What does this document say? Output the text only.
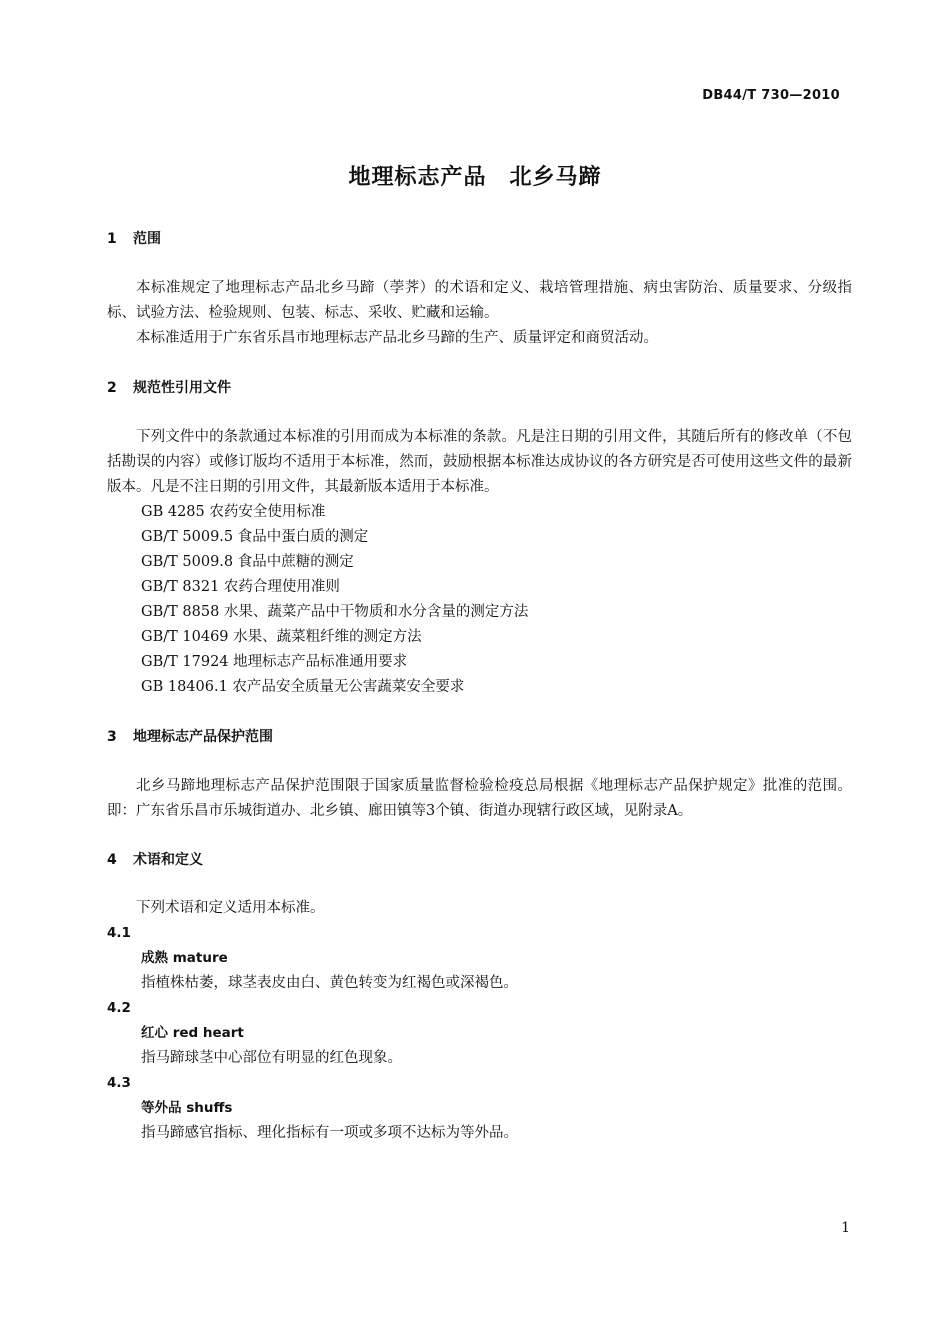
DB44/T 730—2010
地理标志产品　北乡马蹄
1 范围

本标准规定了地理标志产品北乡马蹄（荸荠）的术语和定义、栽培管理措施、病虫害防治、质量要求、分级指标、试验方法、检验规则、包装、标志、采收、贮藏和运输。

本标准适用于广东省乐昌市地理标志产品北乡马蹄的生产、质量评定和商贸活动。

2 规范性引用文件

下列文件中的条款通过本标准的引用而成为本标准的条款。凡是注日期的引用文件，其随后所有的修改单（不包括勘误的内容）或修订版均不适用于本标准，然而，鼓励根据本标准达成协议的各方研究是否可使用这些文件的最新版本。凡是不注日期的引用文件，其最新版本适用于本标准。

GB 4285 农药安全使用标准

GB/T 5009.5 食品中蛋白质的测定

GB/T 5009.8 食品中蔗糖的测定

GB/T 8321 农药合理使用准则

GB/T 8858 水果、蔬菜产品中干物质和水分含量的测定方法

GB/T 10469 水果、蔬菜粗纤维的测定方法

GB/T 17924 地理标志产品标准通用要求

GB 18406.1 农产品安全质量无公害蔬菜安全要求

3 地理标志产品保护范围

北乡马蹄地理标志产品保护范围限于国家质量监督检验检疫总局根据《地理标志产品保护规定》批准的范围。即：广东省乐昌市乐城街道办、北乡镇、廊田镇等3个镇、街道办现辖行政区域，见附录A。

4 术语和定义

下列术语和定义适用本标准。

4.1

成熟 mature

指植株枯萎，球茎表皮由白、黄色转变为红褐色或深褐色。

4.2

红心 red heart

指马蹄球茎中心部位有明显的红色现象。

4.3

等外品 shuffs

指马蹄感官指标、理化指标有一项或多项不达标为等外品。

1
